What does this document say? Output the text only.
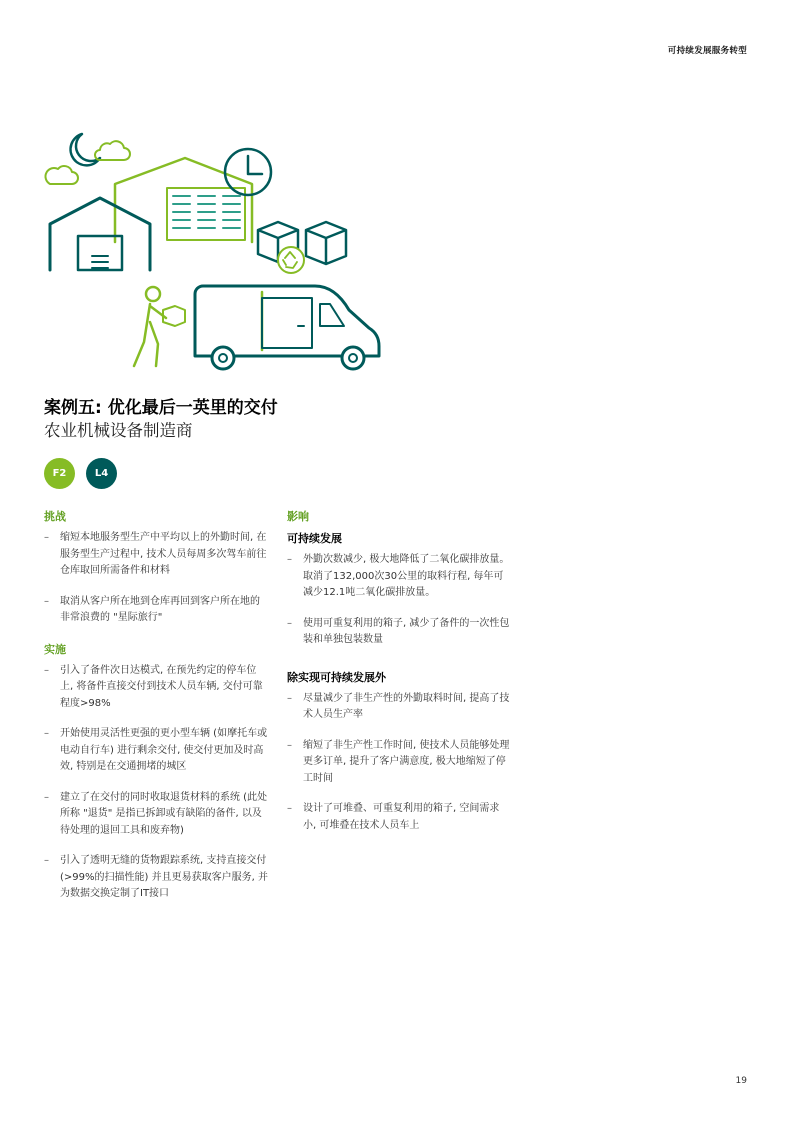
可持续发展服务转型
案例五: 优化最后一英里的交付
农业机械设备制造商
F2	L4
挑战
– 缩短本地服务型生产中平均以上的外勤时间, 在服务型生产过程中, 技术人员每周多次驾车前往仓库取回所需备件和材料
– 取消从客户所在地到仓库再回到客户所在地的非常浪费的 "星际旅行"
实施
– 引入了备件次日达模式, 在预先约定的停车位上, 将备件直接交付到技术人员车辆, 交付可靠程度>98%
– 开始使用灵活性更强的更小型车辆 (如摩托车或电动自行车) 进行剩余交付, 使交付更加及时高效, 特别是在交通拥堵的城区
– 建立了在交付的同时收取退货材料的系统 (此处所称 "退货" 是指已拆卸或有缺陷的备件, 以及待处理的退回工具和废弃物)
– 引入了透明无缝的货物跟踪系统, 支持直接交付 (>99%的扫描性能) 并且更易获取客户服务, 并为数据交换定制了IT接口
影响
可持续发展
– 外勤次数减少, 极大地降低了二氧化碳排放量。取消了132,000次30公里的取料行程, 每年可减少12.1吨二氧化碳排放量。
– 使用可重复利用的箱子, 减少了备件的一次性包装和单独包装数量
除实现可持续发展外
– 尽量减少了非生产性的外勤取料时间, 提高了技术人员生产率
– 缩短了非生产性工作时间, 使技术人员能够处理更多订单, 提升了客户满意度, 极大地缩短了停工时间
– 设计了可堆叠、可重复利用的箱子, 空间需求小, 可堆叠在技术人员车上
19
